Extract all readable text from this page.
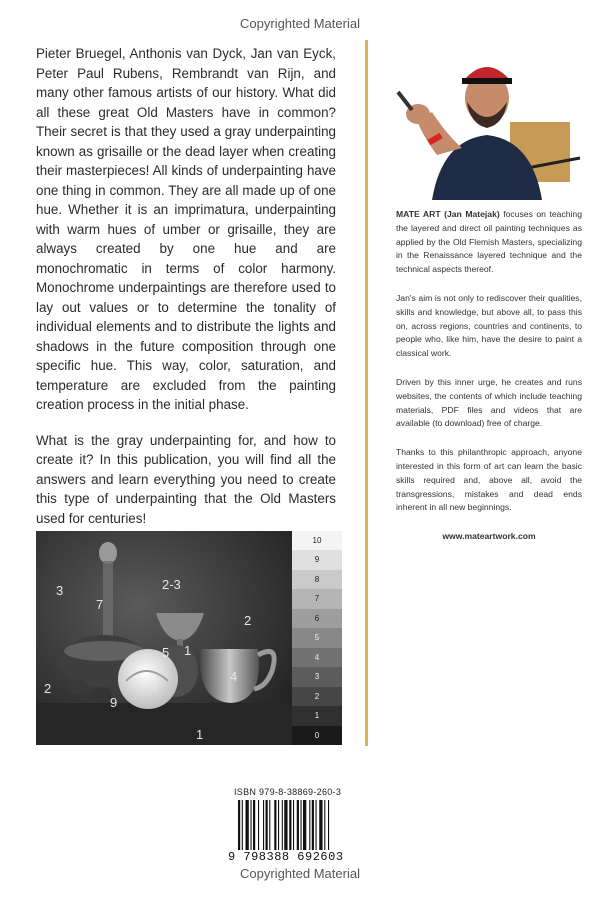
Copyrighted Material

Pieter Bruegel, Anthonis van Dyck, Jan van Eyck, Peter Paul Rubens, Rembrandt van Rijn, and many other famous artists of our history. What did all these great Old Masters have in common? Their secret is that they used a gray underpainting known as grisaille or the dead layer when creating their masterpieces! All kinds of underpainting have one thing in common. They are all made up of one hue. Whether it is an imprimatura, underpainting with warm hues of umber or grisaille, they are always created by one hue and are monochromatic in terms of color harmony. Monochrome underpaintings are therefore used to lay out values or to determine the tonality of individual elements and to distribute the lights and shadows in the future composition through one specific hue. This way, color, saturation, and temperature are excluded from the painting creation process in the initial phase.

What is the gray underpainting for, and how to create it? In this publication, you will find all the answers and learn everything you need to create this type of underpainting that the Old Masters used for centuries!

MATE ART (Jan Matejak) focuses on teaching the layered and direct oil painting techniques as applied by the Old Flemish Masters, specializing in the Renaissance layered technique and the technical aspects thereof.

Jan's aim is not only to rediscover their qualities, skills and knowledge, but above all, to pass this on, across regions, countries and continents, to people who, like him, have the desire to paint a classical work.

Driven by this inner urge, he creates and runs websites, the contents of which include teaching materials, PDF files and videos that are available (to download) free of charge.

Thanks to this philanthropic approach, anyone interested in this form of art can learn the basic skills required and, above all, avoid the transgressions, mistakes and dead ends inherent in all new beginnings.

www.mateartwork.com

3
7
2-3
2
5 1
4
8
2
9
1
10
9
8
7
6
5
4
3
2
1
0
ISBN 979-8-38869-260-3
9 798388 692603
Copyrighted Material
